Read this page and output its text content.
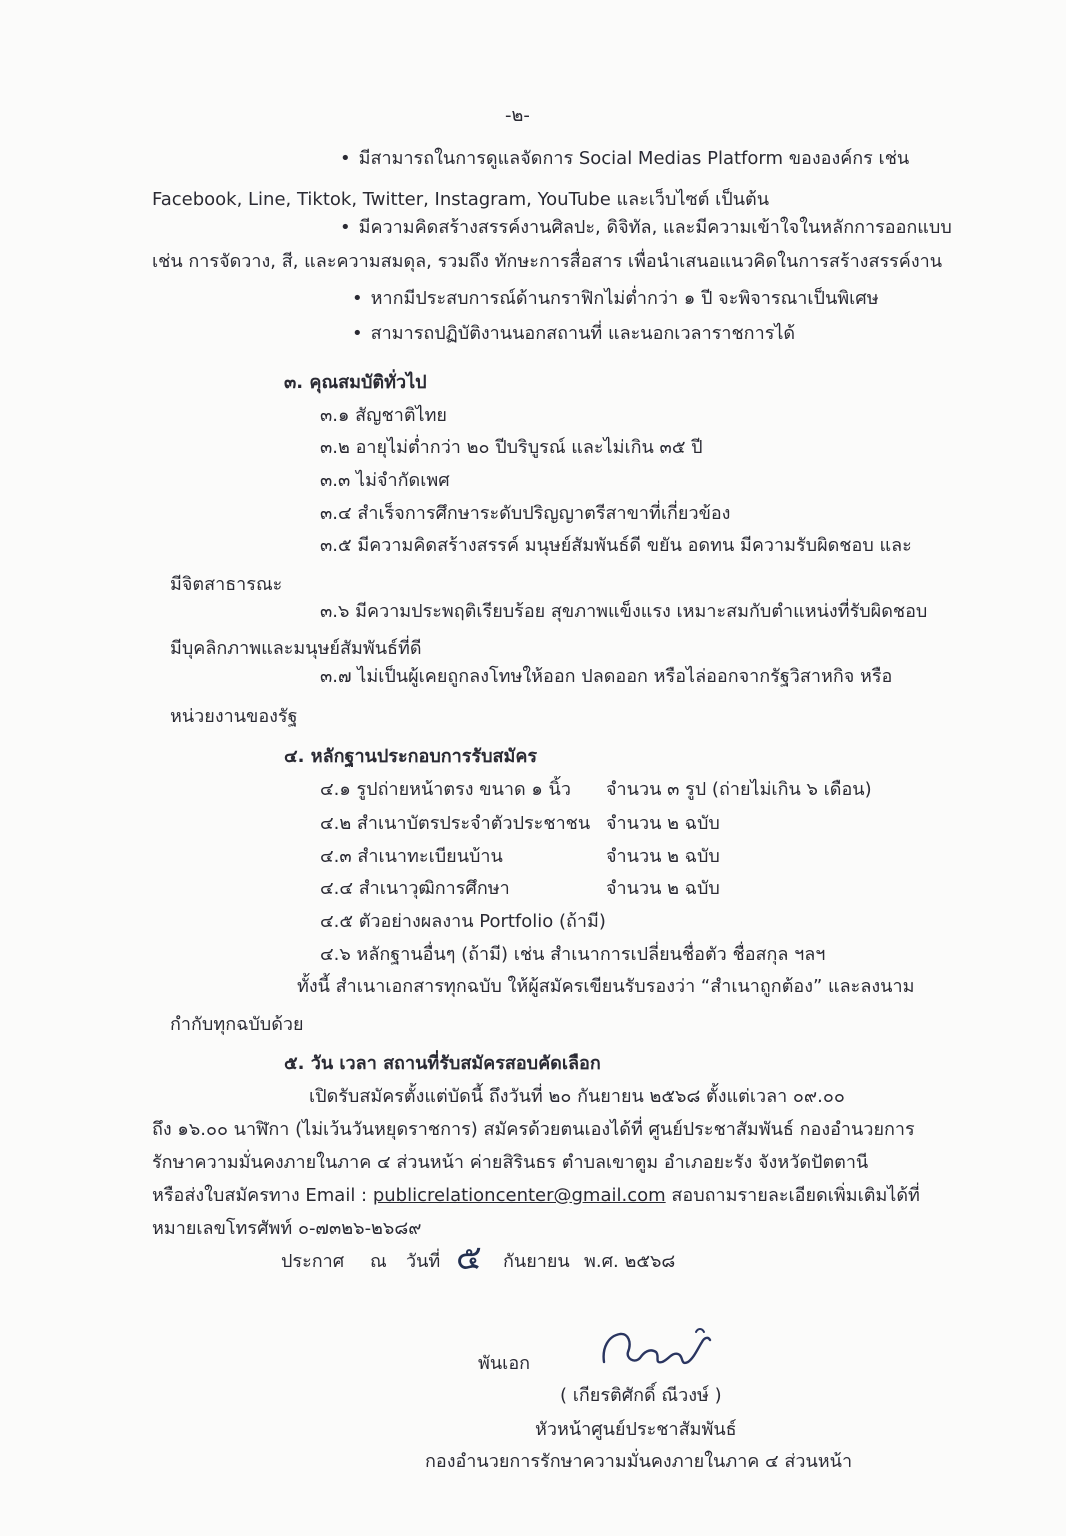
-๒-
• มีสามารถในการดูแลจัดการ Social Medias Platform ขององค์กร เช่น
Facebook, Line, Tiktok, Twitter, Instagram, YouTube และเว็บไซต์ เป็นต้น
• มีความคิดสร้างสรรค์งานศิลปะ, ดิจิทัล, และมีความเข้าใจในหลักการออกแบบ
เช่น การจัดวาง, สี, และความสมดุล, รวมถึง ทักษะการสื่อสาร เพื่อนำเสนอแนวคิดในการสร้างสรรค์งาน
• หากมีประสบการณ์ด้านกราฟิกไม่ต่ำกว่า ๑ ปี จะพิจารณาเป็นพิเศษ
• สามารถปฏิบัติงานนอกสถานที่ และนอกเวลาราชการได้
๓. คุณสมบัติทั่วไป
๓.๑ สัญชาติไทย
๓.๒ อายุไม่ต่ำกว่า ๒๐ ปีบริบูรณ์ และไม่เกิน ๓๕ ปี
๓.๓ ไม่จำกัดเพศ
๓.๔ สำเร็จการศึกษาระดับปริญญาตรีสาขาที่เกี่ยวข้อง
๓.๕ มีความคิดสร้างสรรค์ มนุษย์สัมพันธ์ดี ขยัน อดทน มีความรับผิดชอบ และ
มีจิตสาธารณะ
๓.๖ มีความประพฤติเรียบร้อย สุขภาพแข็งแรง เหมาะสมกับตำแหน่งที่รับผิดชอบ
มีบุคลิกภาพและมนุษย์สัมพันธ์ที่ดี
๓.๗ ไม่เป็นผู้เคยถูกลงโทษให้ออก ปลดออก หรือไล่ออกจากรัฐวิสาหกิจ หรือ
หน่วยงานของรัฐ
๔. หลักฐานประกอบการรับสมัคร
๔.๑ รูปถ่ายหน้าตรง ขนาด ๑ นิ้ว จำนวน ๓ รูป (ถ่ายไม่เกิน ๖ เดือน)
๔.๒ สำเนาบัตรประจำตัวประชาชน จำนวน ๒ ฉบับ
๔.๓ สำเนาทะเบียนบ้าน	จำนวน ๒ ฉบับ
๔.๔ สำเนาวุฒิการศึกษา	จำนวน ๒ ฉบับ
๔.๕ ตัวอย่างผลงาน Portfolio (ถ้ามี)
๔.๖ หลักฐานอื่นๆ (ถ้ามี) เช่น สำเนาการเปลี่ยนชื่อตัว ชื่อสกุล ฯลฯ
ทั้งนี้ สำเนาเอกสารทุกฉบับ ให้ผู้สมัครเขียนรับรองว่า “สำเนาถูกต้อง” และลงนาม
กำกับทุกฉบับด้วย
๕. วัน เวลา สถานที่รับสมัครสอบคัดเลือก
เปิดรับสมัครตั้งแต่บัดนี้ ถึงวันที่ ๒๐ กันยายน ๒๕๖๘ ตั้งแต่เวลา ๐๙.๐๐
ถึง ๑๖.๐๐ นาฬิกา (ไม่เว้นวันหยุดราชการ) สมัครด้วยตนเองได้ที่ ศูนย์ประชาสัมพันธ์ กองอำนวยการ
รักษาความมั่นคงภายในภาค ๔ ส่วนหน้า ค่ายสิรินธร ตำบลเขาตูม อำเภอยะรัง จังหวัดปัตตานี
หรือส่งใบสมัครทาง Email : publicrelationcenter@gmail.com สอบถามรายละเอียดเพิ่มเติมได้ที่
หมายเลขโทรศัพท์ ๐-๗๓๒๖-๒๖๘๙
ประกาศ ณ วันที่ ๕ กันยายน พ.ศ. ๒๕๖๘
พันเอก
( เกียรติศักดิ์ ณีวงษ์ )
หัวหน้าศูนย์ประชาสัมพันธ์
กองอำนวยการรักษาความมั่นคงภายในภาค ๔ ส่วนหน้า
